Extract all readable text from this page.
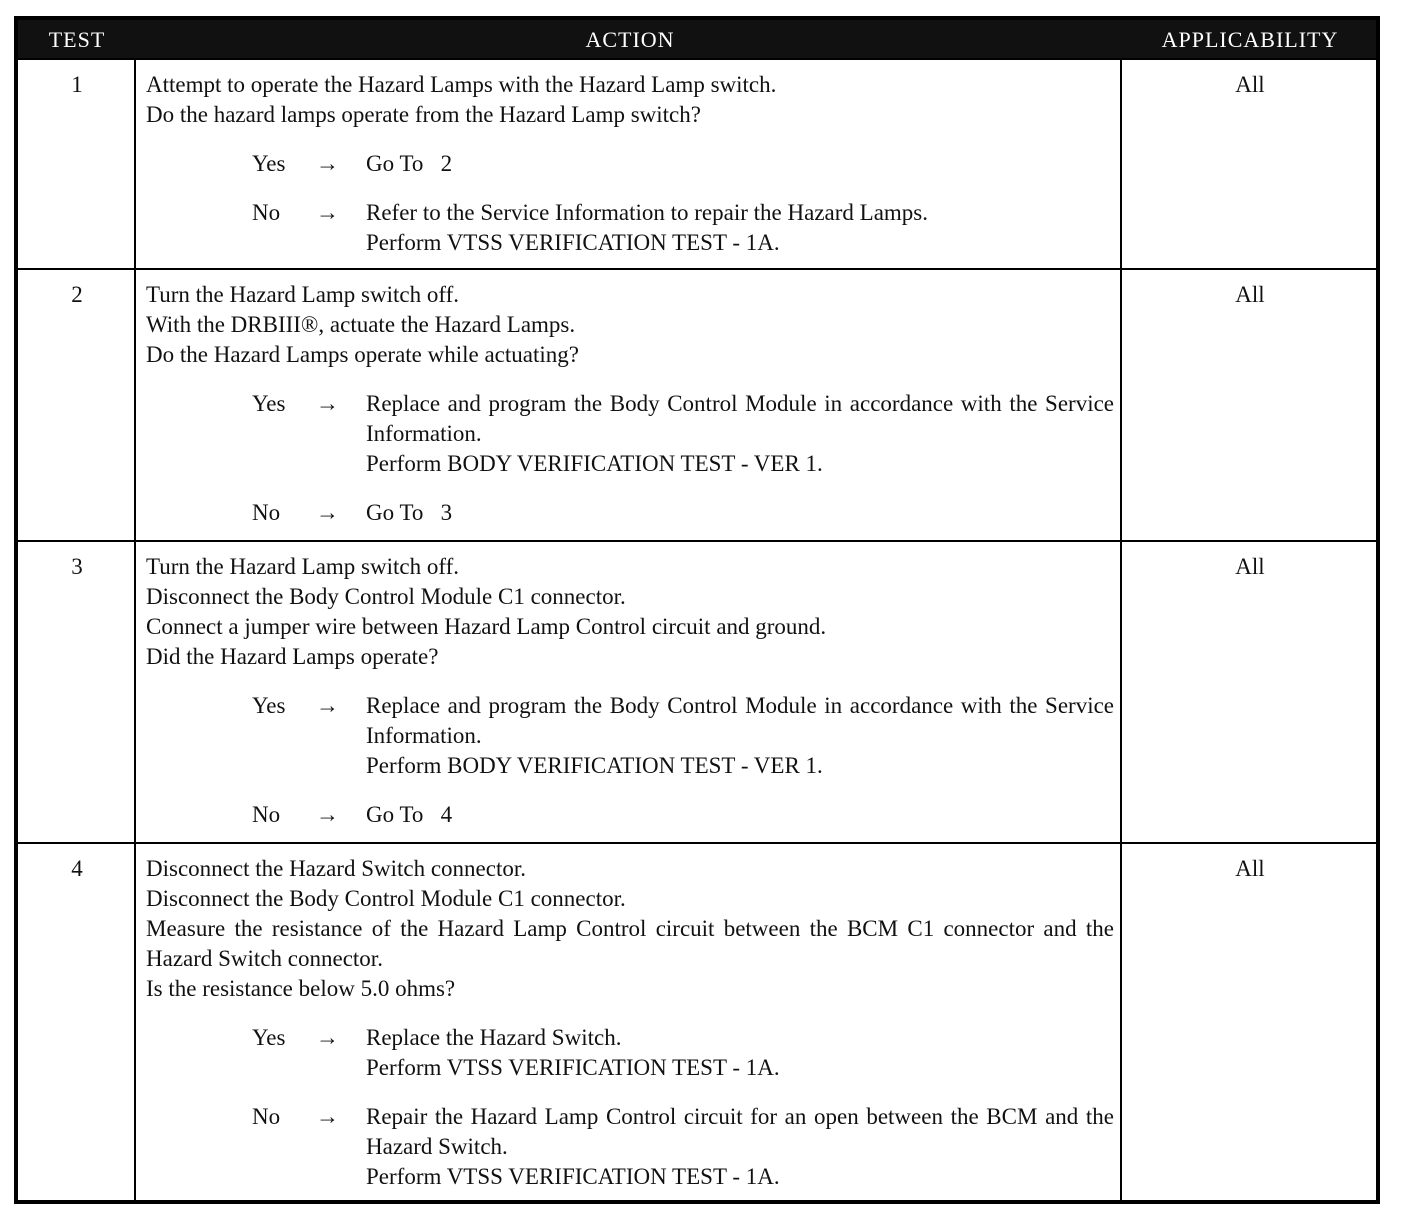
TEST	ACTION	APPLICABILITY
1	Attempt to operate the Hazard Lamps with the Hazard Lamp switch.
Do the hazard lamps operate from the Hazard Lamp switch?
Yes → Go To   2
No → Refer to the Service Information to repair the Hazard Lamps.
Perform VTSS VERIFICATION TEST - 1A.
All
2	Turn the Hazard Lamp switch off.
With the DRBIII®, actuate the Hazard Lamps.
Do the Hazard Lamps operate while actuating?
Yes → Replace and program the Body Control Module in accordance with the Service Information.
Perform BODY VERIFICATION TEST - VER 1.
No → Go To   3
All
3	Turn the Hazard Lamp switch off.
Disconnect the Body Control Module C1 connector.
Connect a jumper wire between Hazard Lamp Control circuit and ground.
Did the Hazard Lamps operate?
Yes → Replace and program the Body Control Module in accordance with the Service Information.
Perform BODY VERIFICATION TEST - VER 1.
No → Go To   4
All
4	Disconnect the Hazard Switch connector.
Disconnect the Body Control Module C1 connector.
Measure the resistance of the Hazard Lamp Control circuit between the BCM C1 connector and the Hazard Switch connector.
Is the resistance below 5.0 ohms?
Yes → Replace the Hazard Switch.
Perform VTSS VERIFICATION TEST - 1A.
No → Repair the Hazard Lamp Control circuit for an open between the BCM and the Hazard Switch.
Perform VTSS VERIFICATION TEST - 1A.
All
